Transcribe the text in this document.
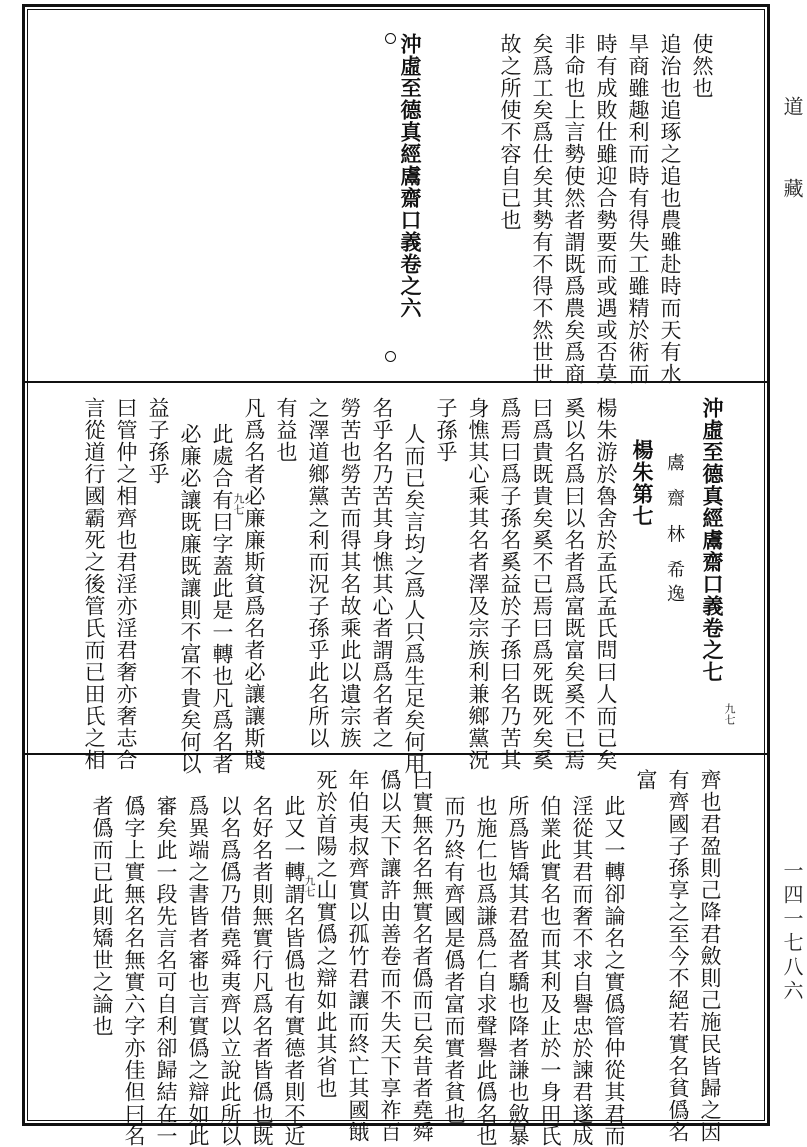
使然也
追治也追琢之追也農雖赴時而天有水
旱商雖趣利而時有得失工雖精於術而
時有成敗仕雖迎合勢要而或遇或否莫
非命也上言勢使然者謂既爲農矣爲商
矣爲工矣爲仕矣其勢有不得不然世世
故之所使不容自已也
沖虛至德真經鬳齋口義卷之六
沖虛至德真經鬳齋口義卷之七
九七
鬳 齋 林 希逸
楊朱第七
楊朱游於魯舍於孟氏孟氏問曰人而已矣
奚以名爲曰以名者爲富既富矣奚不已焉
曰爲貴既貴矣奚不已焉曰爲死既死矣奚
爲焉曰爲子孫名奚益於子孫曰名乃苦其
身憔其心乘其名者澤及宗族利兼鄉黨況
子孫乎
人而已矣言均之爲人只爲生足矣何用
名乎名乃苦其身憔其心者謂爲名者之
勞苦也勞苦而得其名故乘此以遺宗族
之澤道鄉黨之利而況子孫乎此名所以
有益也
凡爲名者必廉廉斯貧爲名者必讓讓斯賤
此處合有曰字蓋此是一轉也凡爲名者
九七
必廉必讓既廉既讓則不富不貴矣何以
益子孫乎
曰管仲之相齊也君淫亦淫君奢亦奢志合
言從道行國霸死之後管氏而已田氏之相
齊也君盈則己降君斂則己施民皆歸之因
有齊國子孫享之至今不絕若實名貧僞名
富
此又一轉卻論名之實僞管仲從其君而
淫從其君而奢不求自譽忠於諫君遂成
伯業此實名也而其利及止於一身田氏
所爲皆矯其君盈者驕也降者謙也斂暴
也施仁也爲謙爲仁自求聲譽此僞名也
而乃終有齊國是僞者富而實者貧也
曰實無名名無實名者僞而已矣昔者堯舜
僞以天下讓許由善卷而不失天下享祚百
年伯夷叔齊實以孤竹君讓而終亡其國餓
死於首陽之山實僞之辯如此其省也
此又一轉謂名皆僞也有實德者則不近
九七
名好名者則無實行凡爲名者皆僞也既
以名爲僞乃借堯舜夷齊以立說此所以
爲異端之書皆者審也言實僞之辯如此
審矣此一段先言名可自利卻歸結在一
僞字上實無名名無實六字亦佳但曰名
者僞而已此則矯世之論也
道
藏
一四一七八六
